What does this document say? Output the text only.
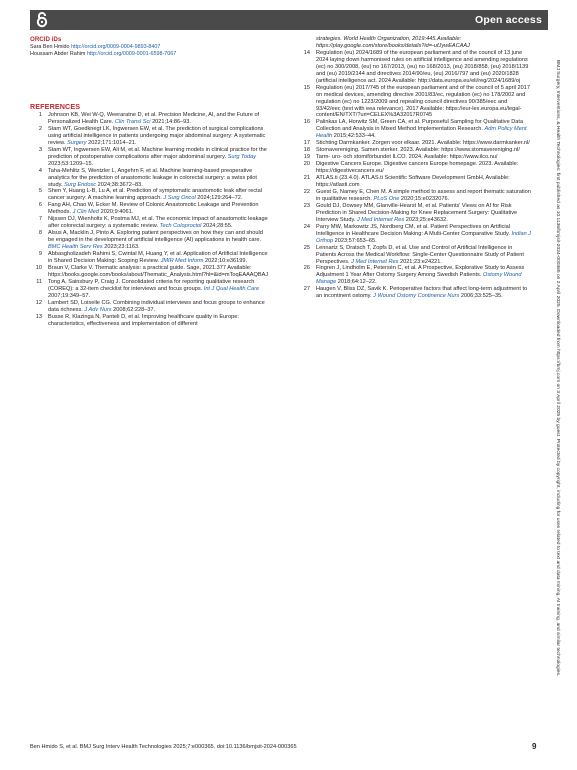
Open access
ORCID iDs
Sara Ben Hmido http://orcid.org/0009-0004-9893-8407
Houssam Abder Rahim http://orcid.org/0009-0001-6598-7067
REFERENCES
1	Johnson KB, Wei W-Q, Weeraratne D, et al. Precision Medicine, AI, and the Future of Personalized Health Care. Clin Transl Sci 2021;14:86–93.
2	Stam WT, Goedknegt LK, Ingwersen EW, et al. The prediction of surgical complications using artificial intelligence in patients undergoing major abdominal surgery: A systematic review. Surgery 2022;171:1014–21.
3	Stam WT, Ingwersen EW, Ali M, et al. Machine learning models in clinical practice for the prediction of postoperative complications after major abdominal surgery. Surg Today 2023;53:1209–15.
4	Taha-Mehlitz S, Wentzler L, Angehrn F, et al. Machine learning-based preoperative analytics for the prediction of anastomotic leakage in colorectal surgery: a swiss pilot study. Surg Endosc 2024;38:3672–83.
5	Shen Y, Huang L-B, Lu A, et al. Prediction of symptomatic anastomotic leak after rectal cancer surgery: A machine learning approach. J Surg Oncol 2024;129:264–72.
6	Fang AH, Chao W, Ecker M. Review of Colonic Anastomotic Leakage and Prevention Methods. J Clin Med 2020;9:4061.
7	Nijssen DJ, Wienholts K, Postma MJ, et al. The economic impact of anastomotic leakage after colorectal surgery: a systematic review. Tech Coloproctol 2024;28:55.
8	Alsus A, Macklin J, Pinto A. Exploring patient perspectives on how they can and should be engaged in the development of artificial intelligence (AI) applications in health care. BMC Health Serv Res 2023;23:1163.
9	Abbasgholizadeh Rahimi S, Cwintal M, Huang Y, et al. Application of Artificial Intelligence in Shared Decision Making: Scoping Review. JMIR Med Inform 2022;10:e36199.
10	Braun V, Clarke V. Thematic analysis: a practical guide. Sage, 2021.377 Available: https://books.google.com/books/about/Thematic_Analysis.html?hl=&id=mToqEAAAQBAJ
11	Tong A, Sainsbury P, Craig J. Consolidated criteria for reporting qualitative research (COREQ): a 32-item checklist for interviews and focus groups. Int J Qual Health Care 2007;19:349–57.
12	Lambert SD, Loiselle CG. Combining individual interviews and focus groups to enhance data richness. J Adv Nurs 2008;62:228–37.
13	Busse R, Klazinga N, Panteli D, et al. Improving healthcare quality in Europe: characteristics, effectiveness and implementation of different
strategies. World Health Organization, 2019:445.Available: https://play.google.com/store/books/details?id=-ufJywEACAAJ
14	Regulation (eu) 2024/1689 of the european parliament and of the council of 13 june 2024 laying down harmonised rules on artificial intelligence and amending regulations (ec) no 300/2008, (eu) no 167/2013, (eu) no 168/2013, (eu) 2018/858, (eu) 2018/1139 and (eu) 2019/2144 and directives 2014/90/eu, (eu) 2016/797 and (eu) 2020/1828 (artificial intelligence act. 2024 Available: http://data.europa.eu/eli/reg/2024/1689/oj
15	Regulation (eu) 2017/745 of the european parliament and of the council of 5 april 2017 on medical devices, amending directive 2001/83/ec, regulation (ec) no 178/2002 and regulation (ec) no 1223/2009 and repealing council directives 90/385/eec and 93/42/eec (text with eea relevance). 2017 Available: https://eur-lex.europa.eu/legal-content/EN/TXT/?uri=CELEX%3A32017R0745
16	Palinkas LA, Horwitz SM, Green CA, et al. Purposeful Sampling for Qualitative Data Collection and Analysis in Mixed Method Implementation Research. Adm Policy Ment Health 2015;42:533–44.
17	Stichting Darmkanker. Zorgen voor elkaar. 2021. Available: https://www.darmkanker.nl/
18	Stomavereniging. Samen sterker. 2023. Available: https://www.stomavereniging.nl/
19	Tarm- uro- och stomiförbundet ILCO. 2024. Available: https://www.ilco.nu/
20	Digestive Cancers Europe. Digestive cancers Europe homepage. 2023. Available: https://digestivecancers.eu/
21	ATLAS.ti (23.4.0). ATLAS.ti Scientific Software Development GmbH, Available: https://atlasti.com
22	Guest G, Namey E, Chen M. A simple method to assess and report thematic saturation in qualitative research. PLoS One 2020;15:e0232076.
23	Gould DJ, Dowsey MM, Glanville-Hearst M, et al. Patients' Views on AI for Risk Prediction in Shared Decision-Making for Knee Replacement Surgery: Qualitative Interview Study. J Med Internet Res 2023;25:e43632.
24	Parry MW, Markowitz JS, Nordberg CM, et al. Patient Perspectives on Artificial Intelligence in Healthcare Decision Making: A Multi-Center Comparative Study. Indian J Orthop 2023;57:653–65.
25	Lennartz S, Dratsch T, Zopfs D, et al. Use and Control of Artificial Intelligence in Patients Across the Medical Workflow: Single-Center Questionnaire Study of Patient Perspectives. J Med Internet Res 2021;23:e24221.
26	Fingren J, Lindholm E, Petersén C, et al. A Prospective, Explorative Study to Assess Adjustment 1 Year After Ostomy Surgery Among Swedish Patients. Ostomy Wound Manage 2018;64:12–22.
27	Haugen V, Bliss DZ, Savik K. Perioperative factors that affect long-term adjustment to an incontinent ostomy. J Wound Ostomy Continence Nurs 2006;33:525–35.	BMJ Surgery, Interventions, & Health Technologies: first published as 10.1136/bmjsit-2024-000365 on 2 April 2025. Downloaded from https://bmj.com on 3 April 2025 by guest. Protected by copyright, including for uses related to text and data mining, AI training, and similar technologies.
Ben Hmido S, et al. BMJ Surg Interv Health Technologies 2025;7:e000365. doi:10.1136/bmjsit-2024-000365	9
